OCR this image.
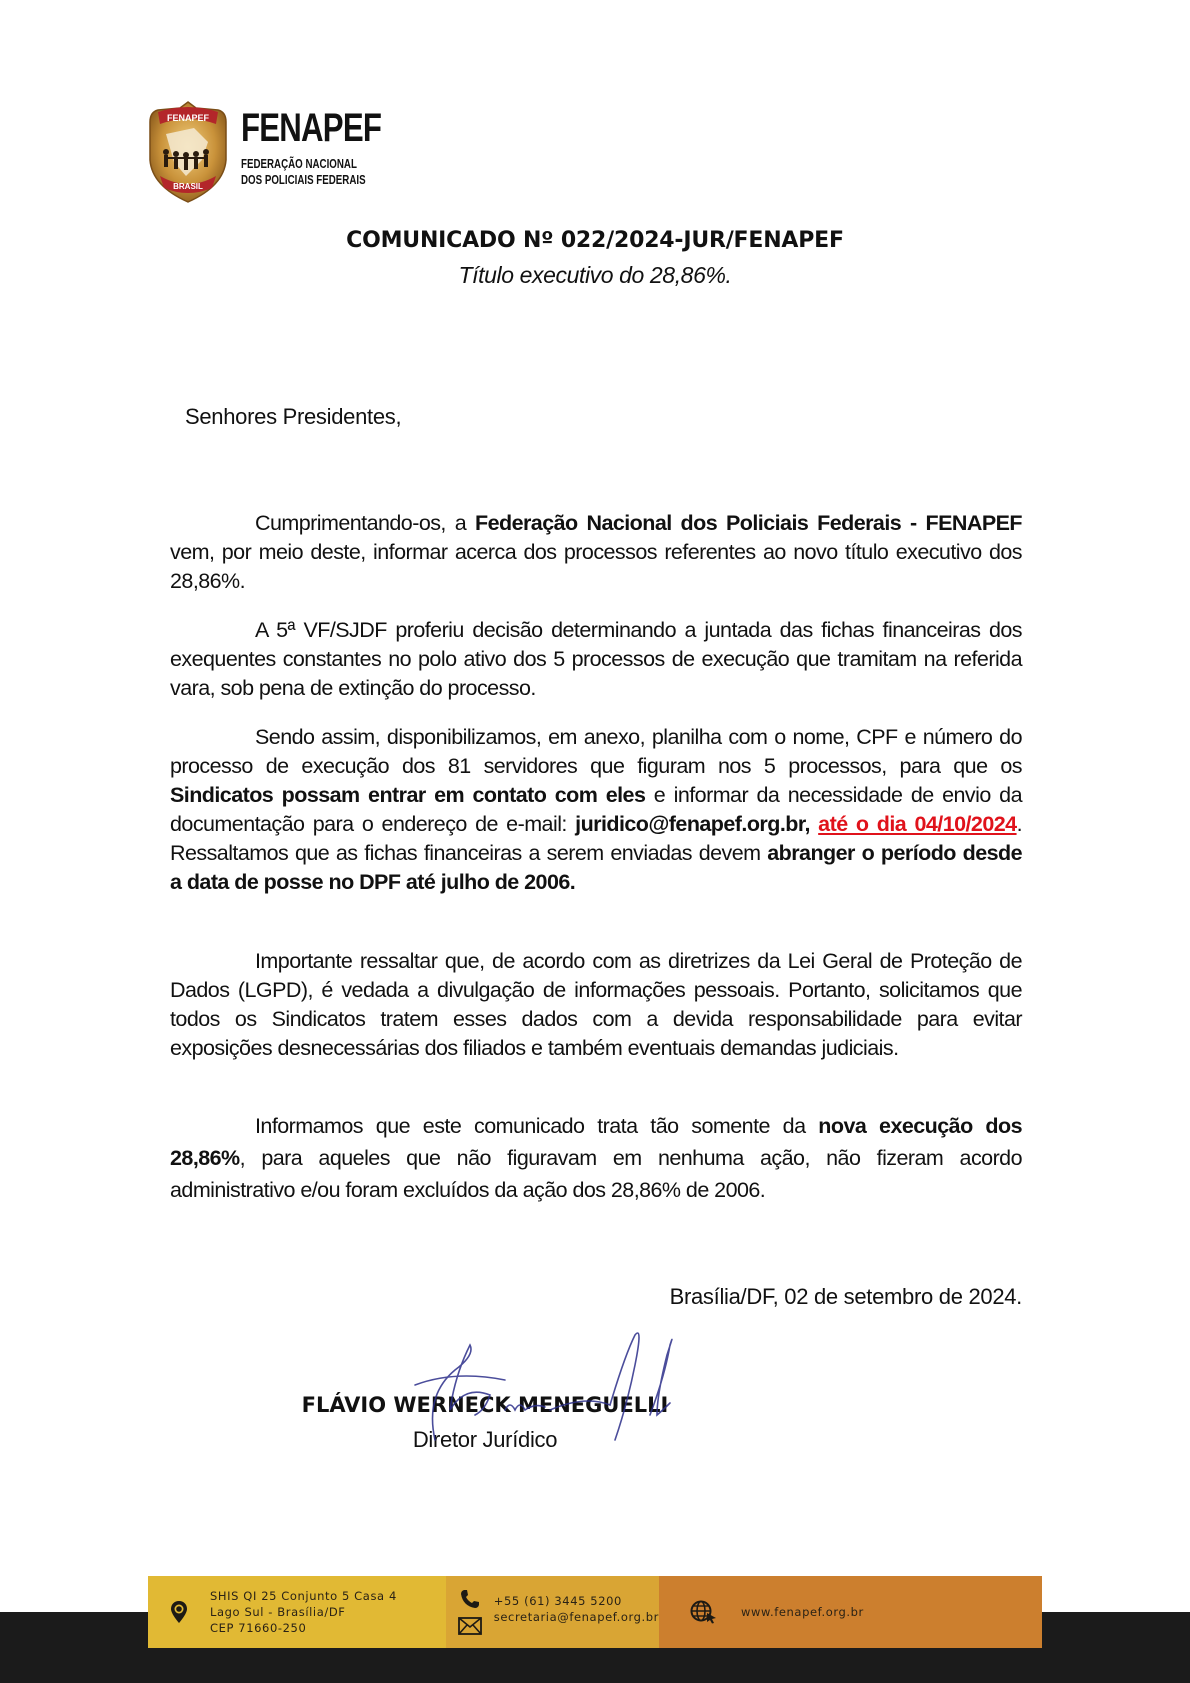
FENAPEF
BRASIL
FENAPEF
FEDERAÇÃO NACIONAL
DOS POLICIAIS FEDERAIS
COMUNICADO Nº 022/2024-JUR/FENAPEF
Título executivo do 28,86%.
Senhores Presidentes,

Cumprimentando-os, a Federação Nacional dos Policiais Federais - FENAPEF vem, por meio deste, informar acerca dos processos referentes ao novo título executivo dos 28,86%.

A 5ª VF/SJDF proferiu decisão determinando a juntada das fichas financeiras dos exequentes constantes no polo ativo dos 5 processos de execução que tramitam na referida vara, sob pena de extinção do processo.

Sendo assim, disponibilizamos, em anexo, planilha com o nome, CPF e número do processo de execução dos 81 servidores que figuram nos 5 processos, para que os Sindicatos possam entrar em contato com eles e informar da necessidade de envio da documentação para o endereço de e-mail: juridico@fenapef.org.br, até o dia 04/10/2024. Ressaltamos que as fichas financeiras a serem enviadas devem abranger o período desde a data de posse no DPF até julho de 2006.

Importante ressaltar que, de acordo com as diretrizes da Lei Geral de Proteção de Dados (LGPD), é vedada a divulgação de informações pessoais. Portanto, solicitamos que todos os Sindicatos tratem esses dados com a devida responsabilidade para evitar exposições desnecessárias dos filiados e também eventuais demandas judiciais.

Informamos que este comunicado trata tão somente da nova execução dos 28,86%, para aqueles que não figuravam em nenhuma ação, não fizeram acordo administrativo e/ou foram excluídos da ação dos 28,86% de 2006.

Brasília/DF, 02 de setembro de 2024.
FLÁVIO WERNECK MENEGUELLI
Diretor Jurídico
SHIS QI 25 Conjunto 5 Casa 4
Lago Sul - Brasília/DF
CEP 71660-250
+55 (61) 3445 5200
secretaria@fenapef.org.br	www.fenapef.org.br
